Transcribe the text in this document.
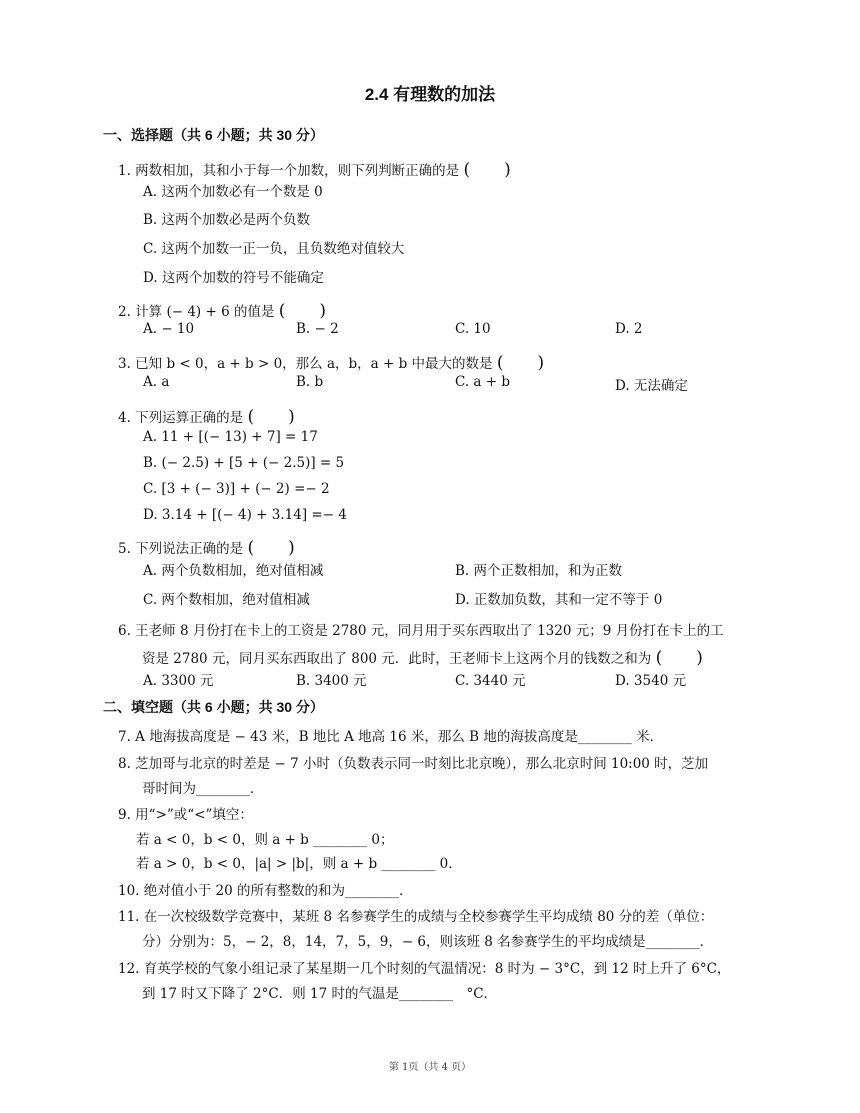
2.4 有理数的加法
一、选择题（共 6 小题；共 30 分）
1. 两数相加，其和小于每一个加数，则下列判断正确的是 (　　)
A. 这两个加数必有一个数是 0
B. 这两个加数必是两个负数
C. 这两个加数一正一负，且负数绝对值较大
D. 这两个加数的符号不能确定
2. 计算 (− 4) + 6 的值是 (　　)
A. − 10	B. − 2	C. 10	D. 2
3. 已知 b < 0，a + b > 0，那么 a，b，a + b 中最大的数是 (　　)
A. a	B. b	C. a + b	D. 无法确定
4. 下列运算正确的是 (　　)
A. 11 + [(− 13) + 7] = 17
B. (− 2.5) + [5 + (− 2.5)] = 5
C. [3 + (− 3)] + (− 2) =− 2
D. 3.14 + [(− 4) + 3.14] =− 4
5. 下列说法正确的是 (　　)
A. 两个负数相加，绝对值相减	B. 两个正数相加，和为正数
C. 两个数相加，绝对值相减	D. 正数加负数，其和一定不等于 0
6. 王老师 8 月份打在卡上的工资是 2780 元，同月用于买东西取出了 1320 元；9 月份打在卡上的工
资是 2780 元，同月买东西取出了 800 元．此时，王老师卡上这两个月的钱数之和为 (　　)
A. 3300 元	B. 3400 元	C. 3440 元	D. 3540 元
二、填空题（共 6 小题；共 30 分）
7. A 地海拔高度是 − 43 米，B 地比 A 地高 16 米，那么 B 地的海拔高度是________ 米．
8. 芝加哥与北京的时差是 − 7 小时（负数表示同一时刻比北京晚），那么北京时间 10:00 时，芝加
哥时间为________．
9. 用“>”或“<”填空：
若 a < 0，b < 0，则 a + b ________ 0；
若 a > 0，b < 0，|a| > |b|，则 a + b ________ 0．
10. 绝对值小于 20 的所有整数的和为________．
11. 在一次校级数学竞赛中，某班 8 名参赛学生的成绩与全校参赛学生平均成绩 80 分的差（单位：
分）分别为：5，− 2，8，14，7，5，9，− 6，则该班 8 名参赛学生的平均成绩是________．
12. 育英学校的气象小组记录了某星期一几个时刻的气温情况：8 时为 − 3°C，到 12 时上升了 6°C，
到 17 时又下降了 2°C．则 17 时的气温是________　°C．
第 1页（共 4 页）
